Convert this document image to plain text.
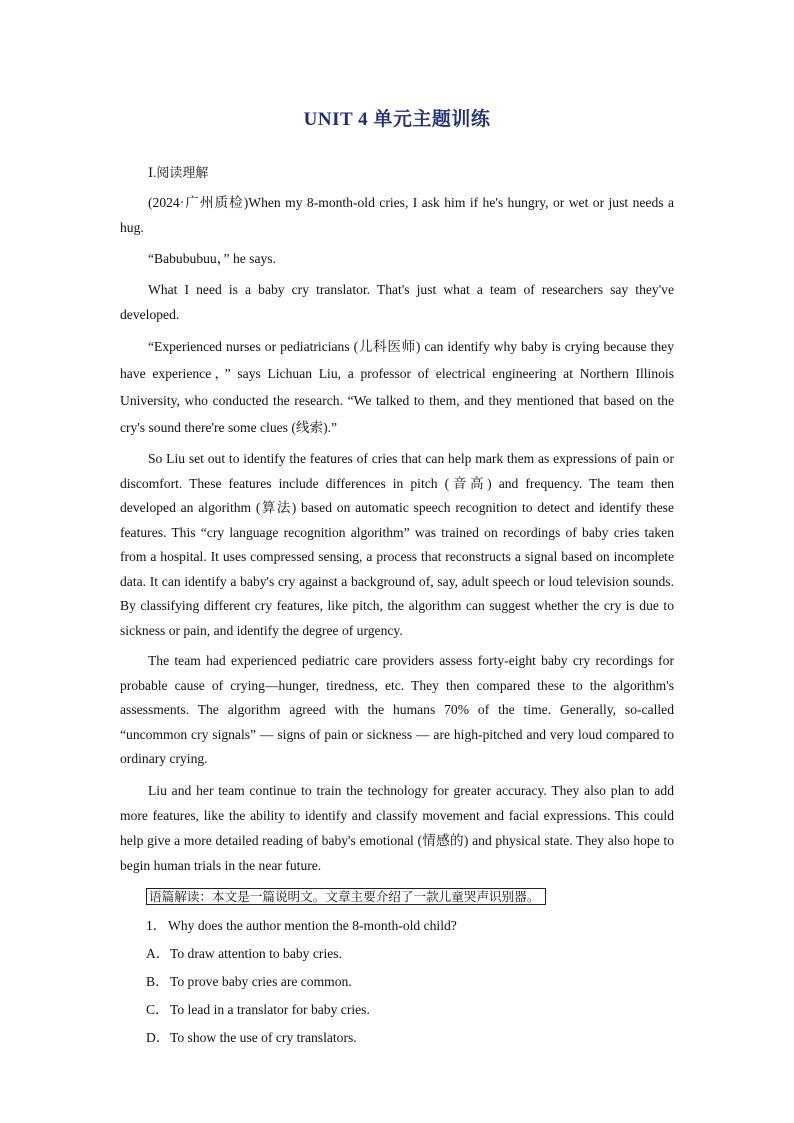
UNIT 4 单元主题训练
Ⅰ.阅读理解

(2024·广州质检)When my 8-month-old cries, I ask him if he's hungry, or wet or just needs a hug.

“Babububuu，” he says.

What I need is a baby cry translator. That's just what a team of researchers say they've developed.

“Experienced nurses or pediatricians (儿科医师) can identify why baby is crying because they have experience，” says Lichuan Liu, a professor of electrical engineering at Northern Illinois University, who conducted the research. “We talked to them, and they mentioned that based on the cry's sound there're some clues (线索).”

So Liu set out to identify the features of cries that can help mark them as expressions of pain or discomfort. These features include differences in pitch (音高) and frequency. The team then developed an algorithm (算法) based on automatic speech recognition to detect and identify these features. This “cry language recognition algorithm” was trained on recordings of baby cries taken from a hospital. It uses compressed sensing, a process that reconstructs a signal based on incomplete data. It can identify a baby's cry against a background of, say, adult speech or loud television sounds. By classifying different cry features, like pitch, the algorithm can suggest whether the cry is due to sickness or pain, and identify the degree of urgency.

The team had experienced pediatric care providers assess forty-eight baby cry recordings for probable cause of crying—hunger, tiredness, etc. They then compared these to the algorithm's assessments. The algorithm agreed with the humans 70% of the time. Generally, so-called “uncommon cry signals” — signs of pain or sickness — are high-pitched and very loud compared to ordinary crying.

Liu and her team continue to train the technology for greater accuracy. They also plan to add more features, like the ability to identify and classify movement and facial expressions. This could help give a more detailed reading of baby's emotional (情感的) and physical state. They also hope to begin human trials in the near future.

语篇解读：本文是一篇说明文。文章主要介绍了一款儿童哭声识别器。
1． Why does the author mention the 8-month-old child?
A．To draw attention to baby cries.
B．To prove baby cries are common.
C．To lead in a translator for baby cries.
D．To show the use of cry translators.
